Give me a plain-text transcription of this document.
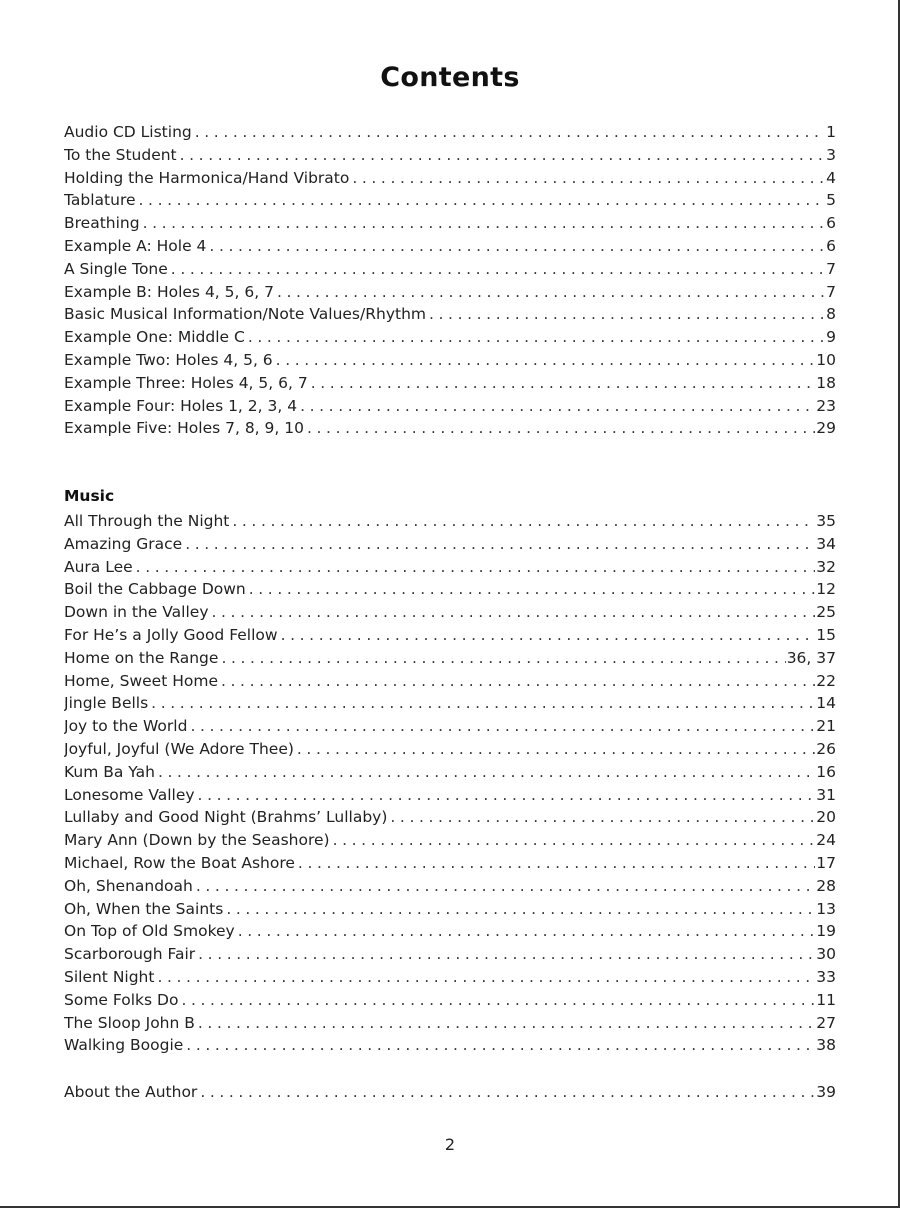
Contents
Audio CD Listing .....	1
To the Student .....	3
Holding the Harmonica/Hand Vibrato .....	4
Tablature .....	5
Breathing .....	6
Example A: Hole 4 .....	6
A Single Tone .....	7
Example B: Holes 4, 5, 6, 7 .....	7
Basic Musical Information/Note Values/Rhythm .....	8
Example One: Middle C .....	9
Example Two: Holes 4, 5, 6 .....	10
Example Three: Holes 4, 5, 6, 7 .....	18
Example Four: Holes 1, 2, 3, 4 .....	23
Example Five: Holes 7, 8, 9, 10 .....	29
Music
All Through the Night .....	35
Amazing Grace .....	34
Aura Lee .....	32
Boil the Cabbage Down .....	12
Down in the Valley .....	25
For He’s a Jolly Good Fellow .....	15
Home on the Range .....	36, 37
Home, Sweet Home .....	22
Jingle Bells .....	14
Joy to the World .....	21
Joyful, Joyful (We Adore Thee) .....	26
Kum Ba Yah .....	16
Lonesome Valley .....	31
Lullaby and Good Night (Brahms’ Lullaby) .....	20
Mary Ann (Down by the Seashore) .....	24
Michael, Row the Boat Ashore .....	17
Oh, Shenandoah .....	28
Oh, When the Saints .....	13
On Top of Old Smokey .....	19
Scarborough Fair .....	30
Silent Night .....	33
Some Folks Do .....	11
The Sloop John B .....	27
Walking Boogie .....	38
About the Author .....	39
2
